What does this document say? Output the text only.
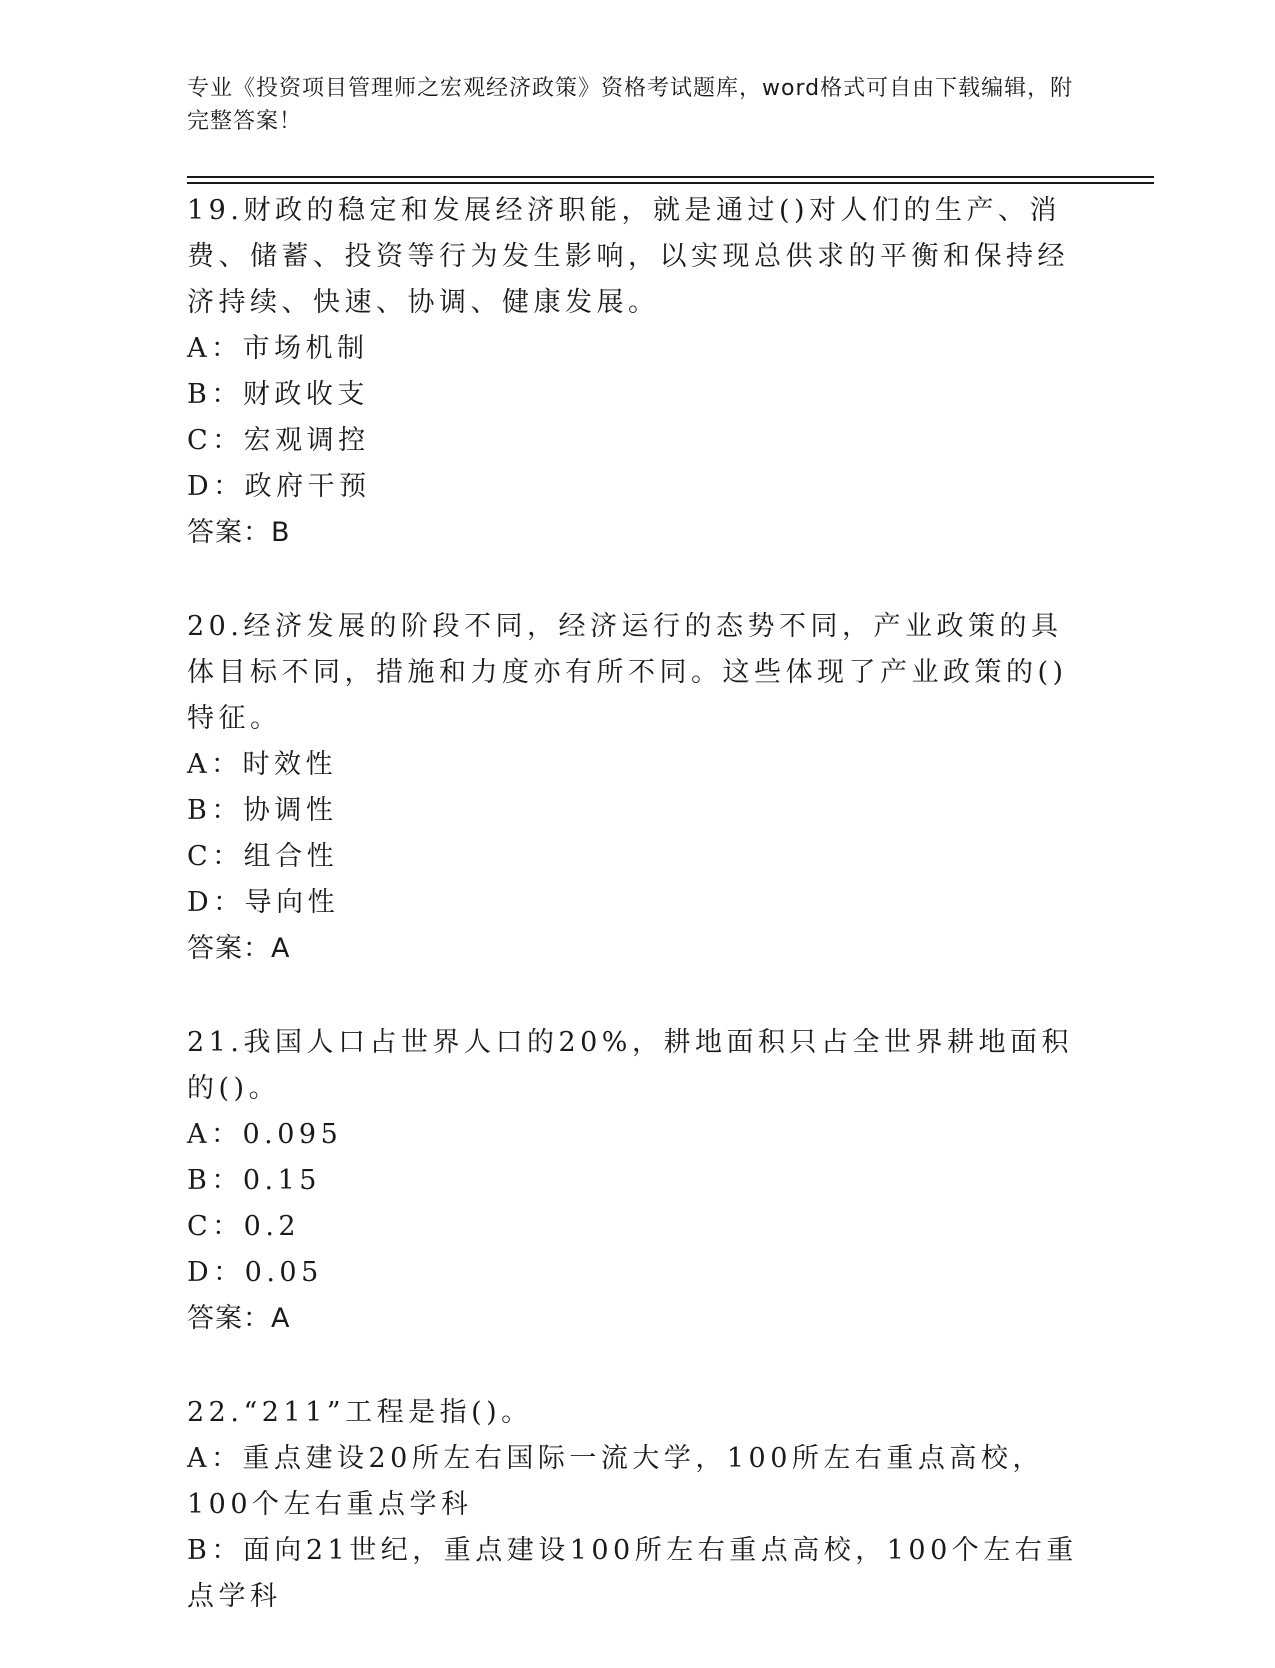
专业《投资项目管理师之宏观经济政策》资格考试题库，word格式可自由下载编辑，附完整答案！

19.财政的稳定和发展经济职能，就是通过()对人们的生产、消费、储蓄、投资等行为发生影响，以实现总供求的平衡和保持经济持续、快速、协调、健康发展。

A：市场机制

B：财政收支

C：宏观调控

D：政府干预

答案：B

20.经济发展的阶段不同，经济运行的态势不同，产业政策的具体目标不同，措施和力度亦有所不同。这些体现了产业政策的()特征。

A：时效性

B：协调性

C：组合性

D：导向性

答案：A

21.我国人口占世界人口的20%，耕地面积只占全世界耕地面积的()。

A：0.095

B：0.15

C：0.2

D：0.05

答案：A

22.“211”工程是指()。

A：重点建设20所左右国际一流大学，100所左右重点高校，100个左右重点学科

B：面向21世纪，重点建设100所左右重点高校，100个左右重点学科
